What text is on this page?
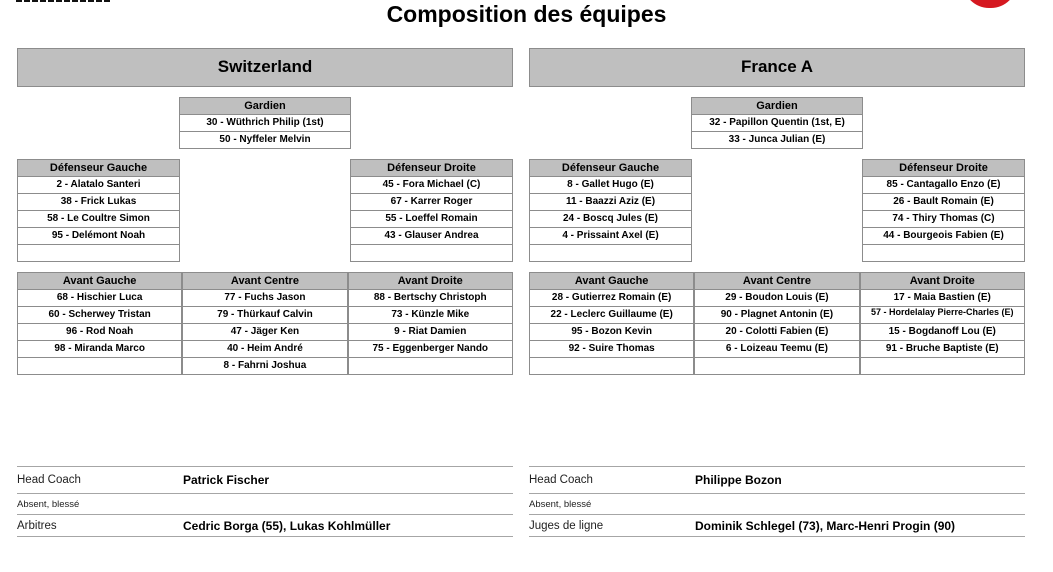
Composition des équipes
Switzerland
Gardien
30 - Wüthrich Philip (1st)
50 - Nyffeler Melvin
Défenseur Gauche
2 - Alatalo Santeri
38 - Frick Lukas
58 - Le Coultre Simon
95 - Delémont Noah
Défenseur Droite
45 - Fora Michael (C)
67 - Karrer Roger
55 - Loeffel Romain
43 - Glauser Andrea
Avant Gauche
68 - Hischier Luca
60 - Scherwey Tristan
96 - Rod Noah
98 - Miranda Marco
Avant Centre
77 - Fuchs Jason
79 - Thürkauf Calvin
47 - Jäger Ken
40 - Heim André
8 - Fahrni Joshua
Avant Droite
88 - Bertschy Christoph
73 - Künzle Mike
9 - Riat Damien
75 - Eggenberger Nando
France A
Gardien
32 - Papillon Quentin (1st, E)
33 - Junca Julian (E)
Défenseur Gauche
8 - Gallet Hugo (E)
11 - Baazzi Aziz (E)
24 - Boscq Jules (E)
4 - Prissaint Axel (E)
Défenseur Droite
85 - Cantagallo Enzo (E)
26 - Bault Romain (E)
74 - Thiry Thomas (C)
44 - Bourgeois Fabien (E)
Avant Gauche
28 - Gutierrez Romain (E)
22 - Leclerc Guillaume (E)
95 - Bozon Kevin
92 - Suire Thomas
Avant Centre
29 - Boudon Louis (E)
90 - Plagnet Antonin (E)
20 - Colotti Fabien (E)
6 - Loizeau Teemu (E)
Avant Droite
17 - Maia Bastien (E)
57 - Hordelalay Pierre-Charles (E)
15 - Bogdanoff Lou (E)
91 - Bruche Baptiste (E)
Head Coach	Patrick Fischer
Absent, blessé
Arbitres	Cedric Borga (55), Lukas Kohlmüller
Head Coach	Philippe Bozon
Absent, blessé
Juges de ligne	Dominik Schlegel (73), Marc-Henri Progin (90)
